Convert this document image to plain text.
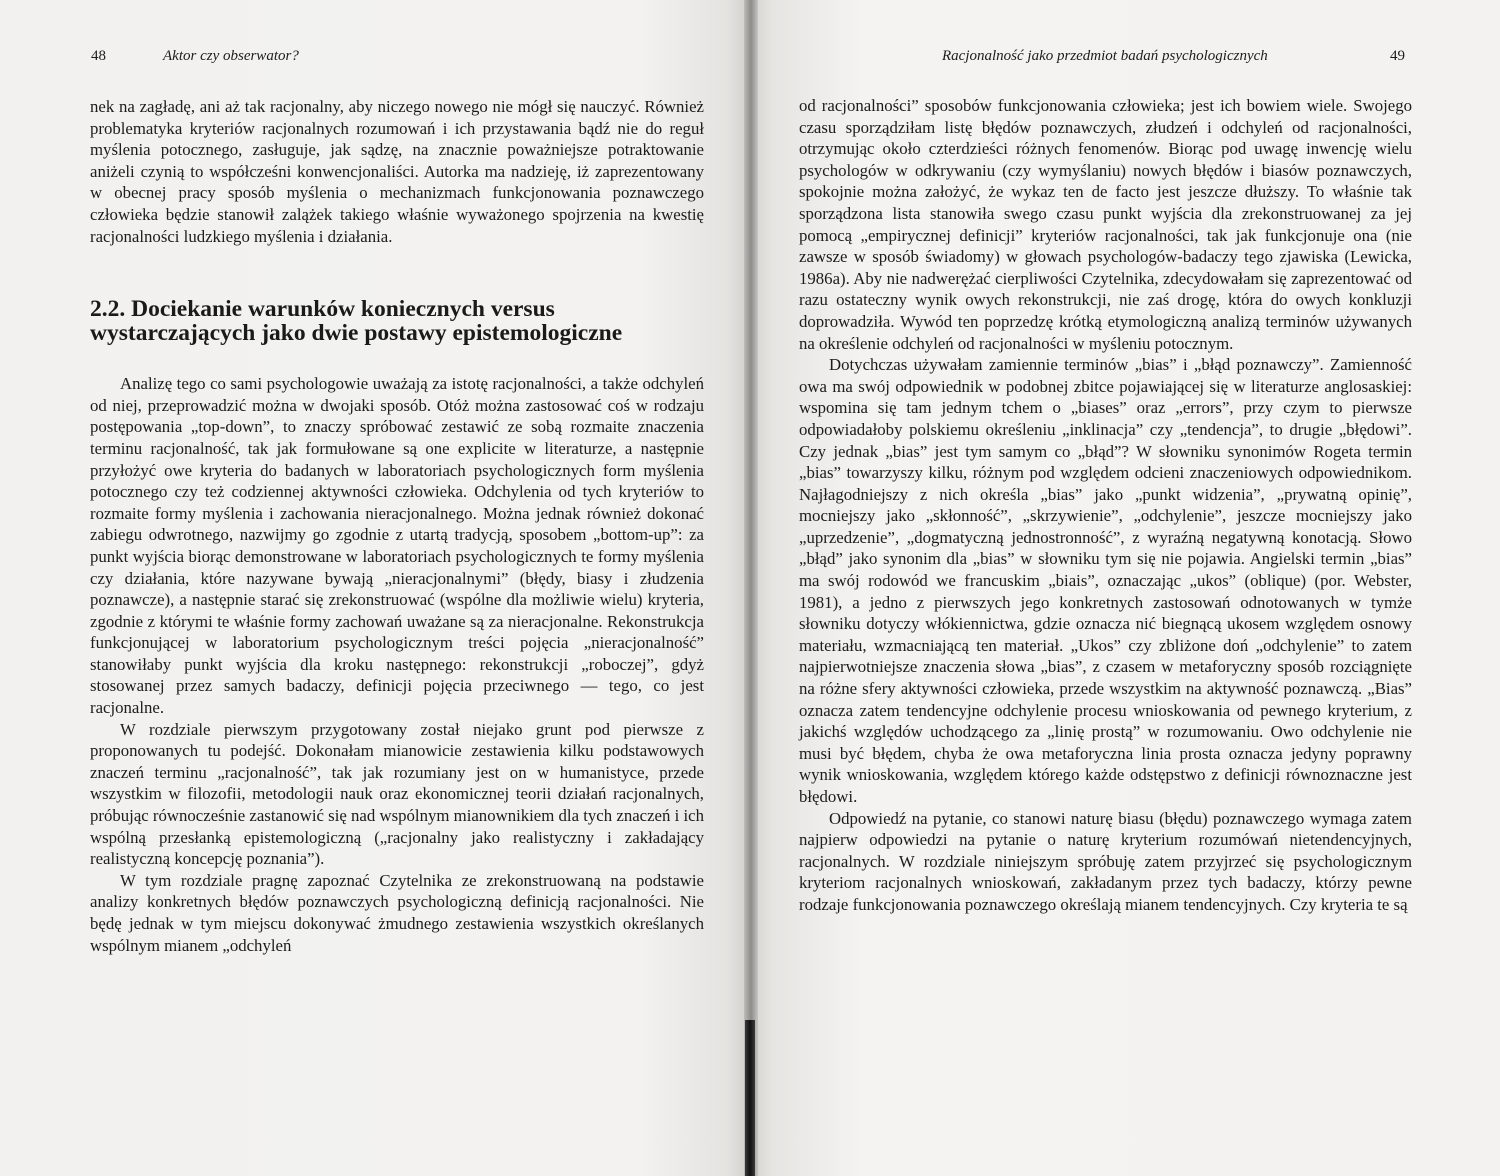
48	Aktor czy obserwator?

nek na zagładę, ani aż tak racjonalny, aby niczego nowego nie mógł się nauczyć. Również problematyka kryteriów racjonalnych rozumowań i ich przystawania bądź nie do reguł myślenia potocznego, zasługuje, jak sądzę, na znacznie poważniejsze potraktowanie aniżeli czynią to współcześni konwencjonaliści. Autorka ma nadzieję, iż zaprezentowany w obecnej pracy sposób myślenia o mechanizmach funkcjonowania poznawczego człowieka będzie stanowił zalążek takiego właśnie wyważonego spojrzenia na kwestię racjonalności ludzkiego myślenia i działania.

2.2. Dociekanie warunków koniecznych versus wystarczających jako dwie postawy epistemologiczne

Analizę tego co sami psychologowie uważają za istotę racjonalności, a także odchyleń od niej, przeprowadzić można w dwojaki sposób. Otóż można zastosować coś w rodzaju postępowania „top-down”, to znaczy spróbować zestawić ze sobą rozmaite znaczenia terminu racjonalność, tak jak formułowane są one explicite w literaturze, a następnie przyłożyć owe kryteria do badanych w laboratoriach psychologicznych form myślenia potocznego czy też codziennej aktywności człowieka. Odchylenia od tych kryteriów to rozmaite formy myślenia i zachowania nieracjonalnego. Można jednak również dokonać zabiegu odwrotnego, nazwijmy go zgodnie z utartą tradycją, sposobem „bottom-up”: za punkt wyjścia biorąc demonstrowane w laboratoriach psychologicznych te formy myślenia czy działania, które nazywane bywają „nieracjonalnymi” (błędy, biasy i złudzenia poznawcze), a następnie starać się zrekonstruować (wspólne dla możliwie wielu) kryteria, zgodnie z którymi te właśnie formy zachowań uważane są za nieracjonalne. Rekonstrukcja funkcjonującej w laboratorium psychologicznym treści pojęcia „nieracjonalność” stanowiłaby punkt wyjścia dla kroku następnego: rekonstrukcji „roboczej”, gdyż stosowanej przez samych badaczy, definicji pojęcia przeciwnego — tego, co jest racjonalne.

W rozdziale pierwszym przygotowany został niejako grunt pod pierwsze z proponowanych tu podejść. Dokonałam mianowicie zestawienia kilku podstawowych znaczeń terminu „racjonalność”, tak jak rozumiany jest on w humanistyce, przede wszystkim w filozofii, metodologii nauk oraz ekonomicznej teorii działań racjonalnych, próbując równocześnie zastanowić się nad wspólnym mianownikiem dla tych znaczeń i ich wspólną przesłanką epistemologiczną („racjonalny jako realistyczny i zakładający realistyczną koncepcję poznania”).

W tym rozdziale pragnę zapoznać Czytelnika ze zrekonstruowaną na podstawie analizy konkretnych błędów poznawczych psychologiczną definicją racjonalności. Nie będę jednak w tym miejscu dokonywać żmudnego zestawienia wszystkich określanych wspólnym mianem „odchyleń

Racjonalność jako przedmiot badań psychologicznych	49

od racjonalności” sposobów funkcjonowania człowieka; jest ich bowiem wiele. Swojego czasu sporządziłam listę błędów poznawczych, złudzeń i odchyleń od racjonalności, otrzymując około czterdzieści różnych fenomenów. Biorąc pod uwagę inwencję wielu psychologów w odkrywaniu (czy wymyślaniu) nowych błędów i biasów poznawczych, spokojnie można założyć, że wykaz ten de facto jest jeszcze dłuższy. To właśnie tak sporządzona lista stanowiła swego czasu punkt wyjścia dla zrekonstruowanej za jej pomocą „empirycznej definicji” kryteriów racjonalności, tak jak funkcjonuje ona (nie zawsze w sposób świadomy) w głowach psychologów-badaczy tego zjawiska (Lewicka, 1986a). Aby nie nadwerężać cierpliwości Czytelnika, zdecydowałam się zaprezentować od razu ostateczny wynik owych rekonstrukcji, nie zaś drogę, która do owych konkluzji doprowadziła. Wywód ten poprzedzę krótką etymologiczną analizą terminów używanych na określenie odchyleń od racjonalności w myśleniu potocznym.

Dotychczas używałam zamiennie terminów „bias” i „błąd poznawczy”. Zamienność owa ma swój odpowiednik w podobnej zbitce pojawiającej się w literaturze anglosaskiej: wspomina się tam jednym tchem o „biases” oraz „errors”, przy czym to pierwsze odpowiadałoby polskiemu określeniu „inklinacja” czy „tendencja”, to drugie „błędowi”. Czy jednak „bias” jest tym samym co „błąd”? W słowniku synonimów Rogeta termin „bias” towarzyszy kilku, różnym pod względem odcieni znaczeniowych odpowiednikom. Najłagodniejszy z nich określa „bias” jako „punkt widzenia”, „prywatną opinię”, mocniejszy jako „skłonność”, „skrzywienie”, „odchylenie”, jeszcze mocniejszy jako „uprzedzenie”, „dogmatyczną jednostronność”, z wyraźną negatywną konotacją. Słowo „błąd” jako synonim dla „bias” w słowniku tym się nie pojawia. Angielski termin „bias” ma swój rodowód we francuskim „biais”, oznaczając „ukos” (oblique) (por. Webster, 1981), a jedno z pierwszych jego konkretnych zastosowań odnotowanych w tymże słowniku dotyczy włókiennictwa, gdzie oznacza nić biegnącą ukosem względem osnowy materiału, wzmacniającą ten materiał. „Ukos” czy zbliżone doń „odchylenie” to zatem najpierwotniejsze znaczenia słowa „bias”, z czasem w metaforyczny sposób rozciągnięte na różne sfery aktywności człowieka, przede wszystkim na aktywność poznawczą. „Bias” oznacza zatem tendencyjne odchylenie procesu wnioskowania od pewnego kryterium, z jakichś względów uchodzącego za „linię prostą” w rozumowaniu. Owo odchylenie nie musi być błędem, chyba że owa metaforyczna linia prosta oznacza jedyny poprawny wynik wnioskowania, względem którego każde odstępstwo z definicji równoznaczne jest błędowi.

Odpowiedź na pytanie, co stanowi naturę biasu (błędu) poznawczego wymaga zatem najpierw odpowiedzi na pytanie o naturę kryterium rozumówań nietendencyjnych, racjonalnych. W rozdziale niniejszym spróbuję zatem przyjrzeć się psychologicznym kryteriom racjonalnych wnioskowań, zakładanym przez tych badaczy, którzy pewne rodzaje funkcjonowania poznawczego określają mianem tendencyjnych. Czy kryteria te są
